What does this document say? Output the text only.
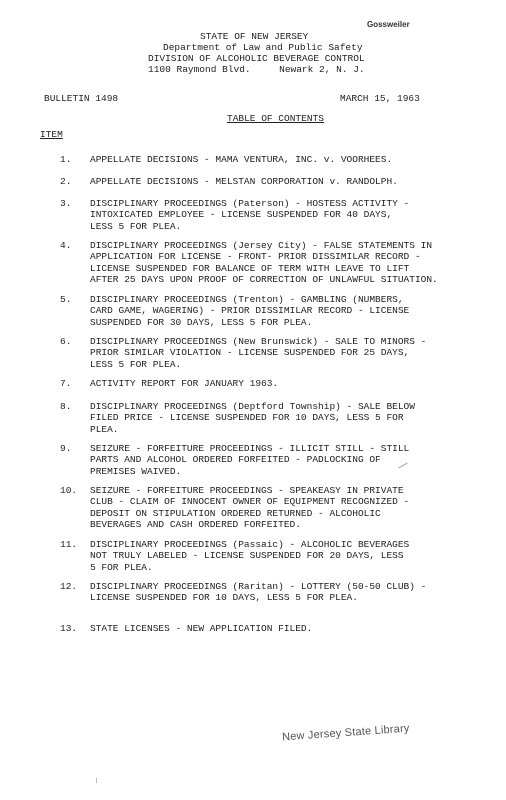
Gossweiler
STATE OF NEW JERSEY
Department of Law and Public Safety
DIVISION OF ALCOHOLIC BEVERAGE CONTROL
1100 Raymond Blvd.     Newark 2, N. J.
BULLETIN 1498	MARCH 15, 1963
TABLE OF CONTENTS
ITEM
1.	APPELLATE DECISIONS - MAMA VENTURA, INC. v. VOORHEES.
2.	APPELLATE DECISIONS - MELSTAN CORPORATION v. RANDOLPH.
3.	DISCIPLINARY PROCEEDINGS (Paterson) - HOSTESS ACTIVITY -
INTOXICATED EMPLOYEE - LICENSE SUSPENDED FOR 40 DAYS,
LESS 5 FOR PLEA.
4.	DISCIPLINARY PROCEEDINGS (Jersey City) - FALSE STATEMENTS IN
APPLICATION FOR LICENSE - FRONT- PRIOR DISSIMILAR RECORD -
LICENSE SUSPENDED FOR BALANCE OF TERM WITH LEAVE TO LIFT
AFTER 25 DAYS UPON PROOF OF CORRECTION OF UNLAWFUL SITUATION.
5.	DISCIPLINARY PROCEEDINGS (Trenton) - GAMBLING (NUMBERS,
CARD GAME, WAGERING) - PRIOR DISSIMILAR RECORD - LICENSE
SUSPENDED FOR 30 DAYS, LESS 5 FOR PLEA.
6.	DISCIPLINARY PROCEEDINGS (New Brunswick) - SALE TO MINORS -
PRIOR SIMILAR VIOLATION - LICENSE SUSPENDED FOR 25 DAYS,
LESS 5 FOR PLEA.
7.	ACTIVITY REPORT FOR JANUARY 1963.
8.	DISCIPLINARY PROCEEDINGS (Deptford Township) - SALE BELOW
FILED PRICE - LICENSE SUSPENDED FOR 10 DAYS, LESS 5 FOR
PLEA.
9.	SEIZURE - FORFEITURE PROCEEDINGS - ILLICIT STILL - STILL
PARTS AND ALCOHOL ORDERED FORFEITED - PADLOCKING OF
PREMISES WAIVED.
10.	SEIZURE - FORFEITURE PROCEEDINGS - SPEAKEASY IN PRIVATE
CLUB - CLAIM OF INNOCENT OWNER OF EQUIPMENT RECOGNIZED -
DEPOSIT ON STIPULATION ORDERED RETURNED - ALCOHOLIC
BEVERAGES AND CASH ORDERED FORFEITED.
11.	DISCIPLINARY PROCEEDINGS (Passaic) - ALCOHOLIC BEVERAGES
NOT TRULY LABELED - LICENSE SUSPENDED FOR 20 DAYS, LESS
5 FOR PLEA.
12.	DISCIPLINARY PROCEEDINGS (Raritan) - LOTTERY (50-50 CLUB) -
LICENSE SUSPENDED FOR 10 DAYS, LESS 5 FOR PLEA.
13.	STATE LICENSES - NEW APPLICATION FILED.
New Jersey State Library
